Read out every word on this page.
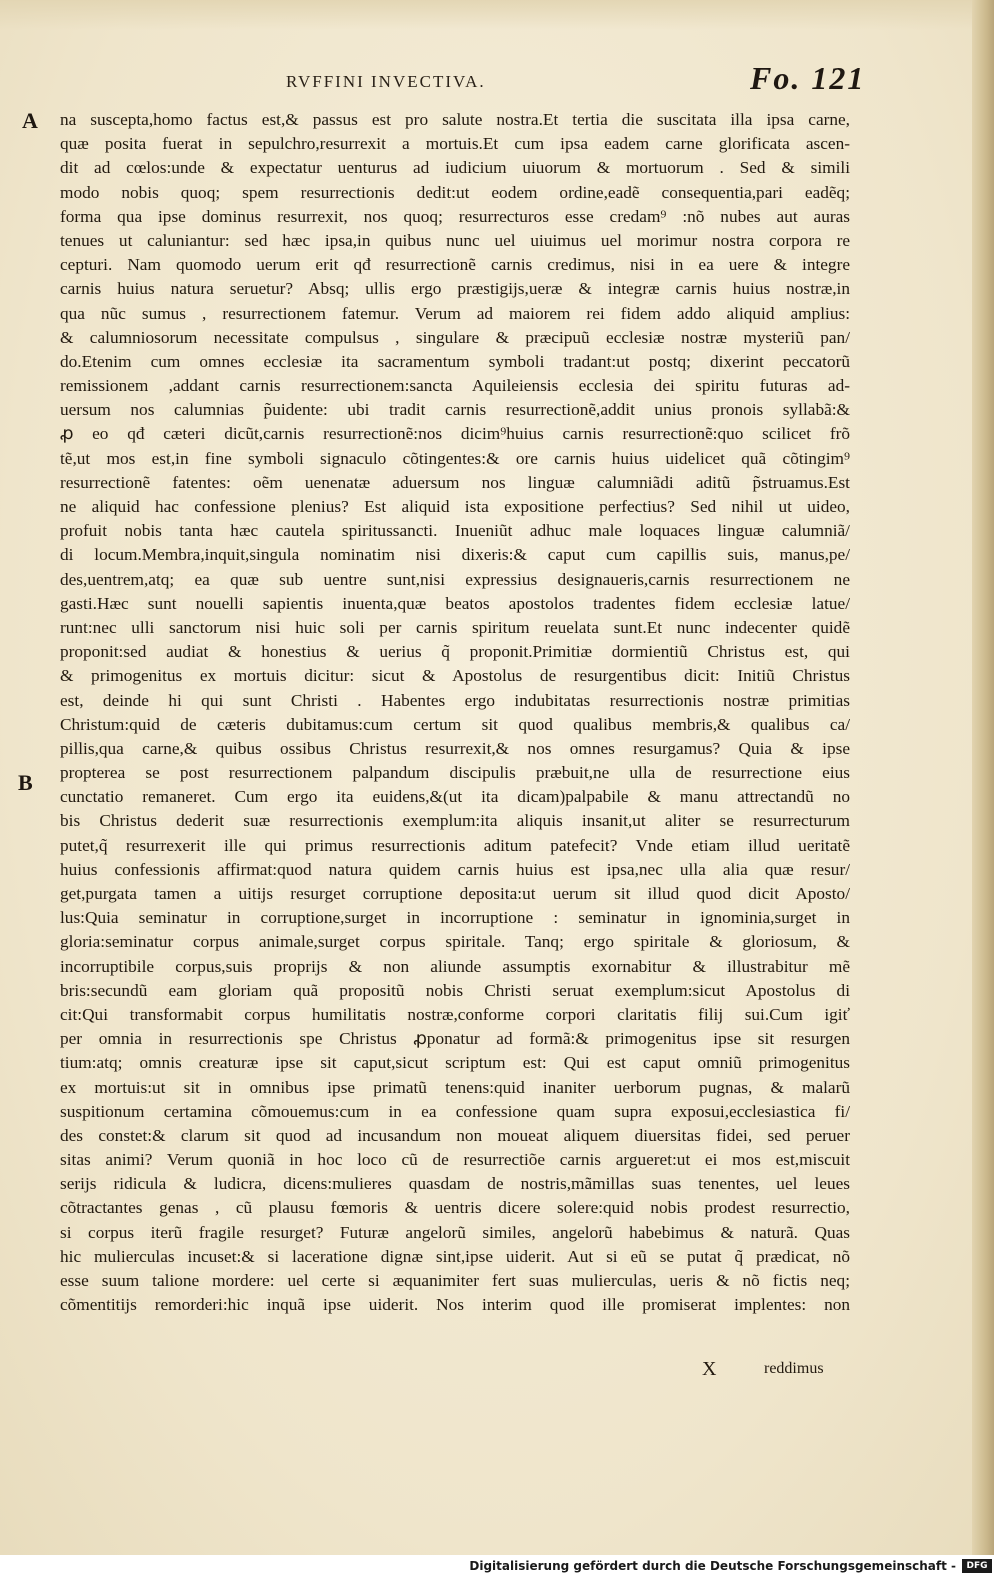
RVFFINI INVECTIVA.	Fo. 121
A
B
na suscepta,homo factus est,& passus est pro salute nostra.Et tertia die suscitata illa ipsa carne,
quæ posita fuerat in sepulchro,resurrexit a mortuis.Et cum ipsa eadem carne glorificata ascen-
dit ad cœlos:unde & expectatur uenturus ad iudicium uiuorum & mortuorum . Sed & simili
modo nobis quoq; spem resurrectionis dedit:ut eodem ordine,eadẽ consequentia,pari eadẽq;
forma qua ipse dominus resurrexit, nos quoq; resurrecturos esse credam⁹ :nõ nubes aut auras
tenues ut caluniantur: sed hæc ipsa,in quibus nunc uel uiuimus uel morimur nostra corpora re
cepturi. Nam quomodo uerum erit qđ resurrectionẽ carnis credimus, nisi in ea uere & integre
carnis huius natura seruetur? Absq; ullis ergo præstigijs,ueræ & integræ carnis huius nostræ,in
qua nũc sumus , resurrectionem fatemur. Verum ad maiorem rei fidem addo aliquid amplius:
& calumniosorum necessitate compulsus , singulare & præcipuũ ecclesiæ nostræ mysteriũ pan/
do.Etenim cum omnes ecclesiæ ita sacramentum symboli tradant:ut postq; dixerint peccatorũ
remissionem ,addant carnis resurrectionem:sancta Aquileiensis ecclesia dei spiritu futuras ad-
uersum nos calumnias p̃uidente: ubi tradit carnis resurrectionẽ,addit unius pronois syllabã:&
ꝓ eo qđ cæteri dicũt,carnis resurrectionẽ:nos dicim⁹huius carnis resurrectionẽ:quo scilicet frõ
tẽ,ut mos est,in fine symboli signaculo cõtingentes:& ore carnis huius uidelicet quã cõtingim⁹
resurrectionẽ fatentes: oẽm uenenatæ aduersum nos linguæ calumniãdi aditũ p̃struamus.Est
ne aliquid hac confessione plenius? Est aliquid ista expositione perfectius? Sed nihil ut uideo,
profuit nobis tanta hæc cautela spiritussancti. Inueniũt adhuc male loquaces linguæ calumniã/
di locum.Membra,inquit,singula nominatim nisi dixeris:& caput cum capillis suis, manus,pe/
des,uentrem,atq; ea quæ sub uentre sunt,nisi expressius designaueris,carnis resurrectionem ne
gasti.Hæc sunt nouelli sapientis inuenta,quæ beatos apostolos tradentes fidem ecclesiæ latue/
runt:nec ulli sanctorum nisi huic soli per carnis spiritum reuelata sunt.Et nunc indecenter quidẽ
proponit:sed audiat & honestius & uerius q̃ proponit.Primitiæ dormientiũ Christus est, qui
& primogenitus ex mortuis dicitur: sicut & Apostolus de resurgentibus dicit: Initiũ Christus
est, deinde hi qui sunt Christi . Habentes ergo indubitatas resurrectionis nostræ primitias
Christum:quid de cæteris dubitamus:cum certum sit quod qualibus membris,& qualibus ca/
pillis,qua carne,& quibus ossibus Christus resurrexit,& nos omnes resurgamus? Quia & ipse
propterea se post resurrectionem palpandum discipulis præbuit,ne ulla de resurrectione eius
cunctatio remaneret. Cum ergo ita euidens,&(ut ita dicam)palpabile & manu attrectandũ no
bis Christus dederit suæ resurrectionis exemplum:ita aliquis insanit,ut aliter se resurrecturum
putet,q̃ resurrexerit ille qui primus resurrectionis aditum patefecit? Vnde etiam illud ueritatẽ
huius confessionis affirmat:quod natura quidem carnis huius est ipsa,nec ulla alia quæ resur/
get,purgata tamen a uitijs resurget corruptione deposita:ut uerum sit illud quod dicit Aposto/
lus:Quia seminatur in corruptione,surget in incorruptione : seminatur in ignominia,surget in
gloria:seminatur corpus animale,surget corpus spiritale. Tanq; ergo spiritale & gloriosum, &
incorruptibile corpus,suis proprijs & non aliunde assumptis exornabitur & illustrabitur mẽ
bris:secundũ eam gloriam quã propositũ nobis Christi seruat exemplum:sicut Apostolus di
cit:Qui transformabit corpus humilitatis nostræ,conforme corpori claritatis filij sui.Cum igiť
per omnia in resurrectionis spe Christus ꝓponatur ad formã:& primogenitus ipse sit resurgen
tium:atq; omnis creaturæ ipse sit caput,sicut scriptum est: Qui est caput omniũ primogenitus
ex mortuis:ut sit in omnibus ipse primatũ tenens:quid inaniter uerborum pugnas, & malarũ
suspitionum certamina cõmouemus:cum in ea confessione quam supra exposui,ecclesiastica fi/
des constet:& clarum sit quod ad incusandum non moueat aliquem diuersitas fidei, sed peruer
sitas animi? Verum quoniã in hoc loco cũ de resurrectiõe carnis argueret:ut ei mos est,miscuit
serijs ridicula & ludicra, dicens:mulieres quasdam de nostris,mãmillas suas tenentes, uel leues
cõtractantes genas , cũ plausu fœmoris & uentris dicere solere:quid nobis prodest resurrectio,
si corpus iterũ fragile resurget? Futuræ angelorũ similes, angelorũ habebimus & naturã. Quas
hic mulierculas incuset:& si laceratione dignæ sint,ipse uiderit. Aut si eũ se putat q̃ prædicat, nõ
esse suum talione mordere: uel certe si æquanimiter fert suas mulierculas, ueris & nõ fictis neq;
cõmentitijs remorderi:hic inquã ipse uiderit. Nos interim quod ille promiserat implentes: non
X	reddimus
Digitalisierung gefördert durch die Deutsche Forschungsgemeinschaft -	DFG
